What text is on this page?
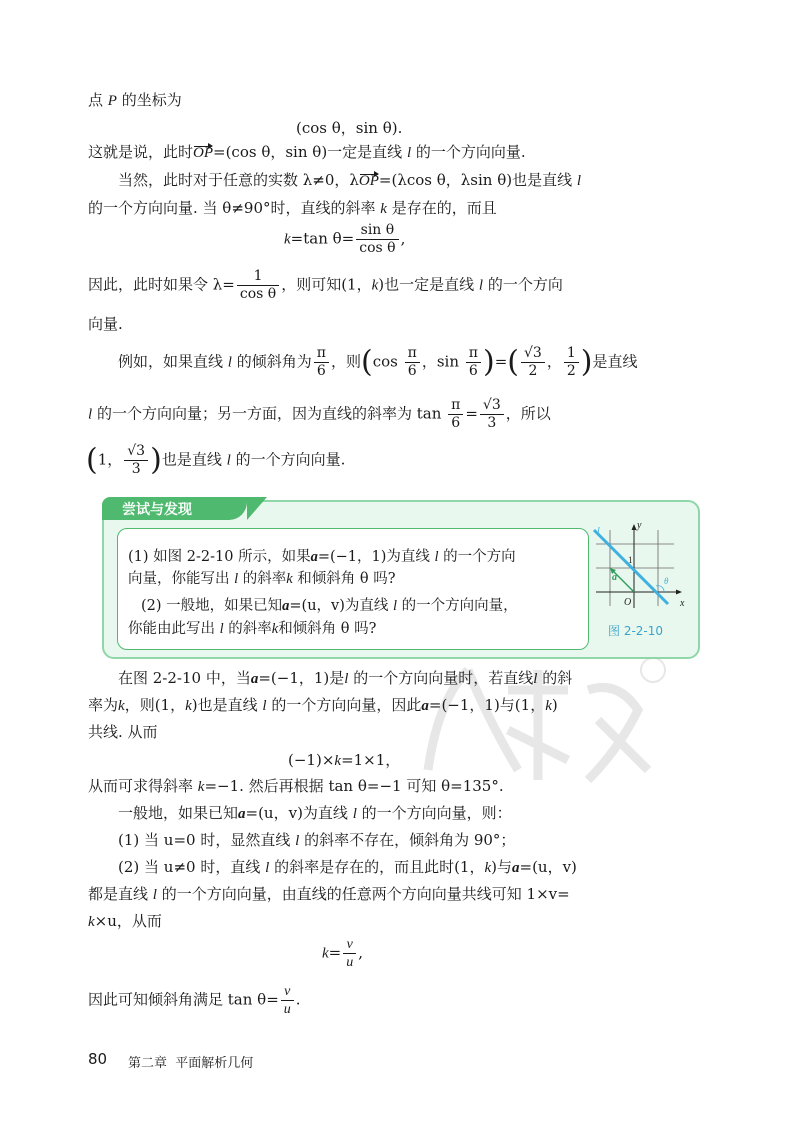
点 P 的坐标为
(cos θ，sin θ).
这就是说，此时OP=(cos θ，sin θ)一定是直线 l 的一个方向向量.
当然，此时对于任意的实数 λ≠0，λOP=(λcos θ，λsin θ)也是直线 l
的一个方向向量. 当 θ≠90°时，直线的斜率 k 是存在的，而且
k=tan $\theta= \frac{\text{sin θ}}{\text{cos θ}}$ ,
因此，此时如果令 $\lambda= \frac{1}{\text{cos θ}}$ ，则可知(1，k)也一定是直线 l 的一个方向
向量.
例如，如果直线 l 的倾斜角为 $\frac{\pi}{6}$ ，则($\cos \frac{\pi}{6}$ ，$\sin \frac{\pi}{6}$ )=( $\frac{√3}{2}$ ， $\frac{1}{2}$ )是直线
l 的一个方向向量；另一方面，因为直线的斜率为 $\tan \frac{\pi}{6} = \frac{√3}{3}$ ，所以
(1， $\frac{√3}{3}$ )也是直线 l 的一个方向向量.
尝试与发现
(1) 如图 2-2-10 所示，如果a=(−1，1)为直线 l 的一个方向
向量，你能写出 l 的斜率k 和倾斜角 θ 吗?
(2) 一般地，如果已知a=(u，v)为直线 l 的一个方向向量，
你能由此写出 l 的斜率k和倾斜角 θ 吗?
y
x
O
1
l
a	θ
图 2-2-10
在图 2-2-10 中，当a=(−1，1)是l 的一个方向向量时，若直线l 的斜
率为k，则(1，k)也是直线 l 的一个方向向量，因此a=(−1，1)与(1，k)
共线. 从而
(−1)×k=1×1，
从而可求得斜率 k=−1. 然后再根据 tan θ=−1 可知 θ=135°.
一般地，如果已知a=(u，v)为直线 l 的一个方向向量，则：
(1) 当 u=0 时，显然直线 l 的斜率不存在，倾斜角为 90°；
(2) 当 u≠0 时，直线 l 的斜率是存在的，而且此时(1，k)与a=(u，v)
都是直线 l 的一个方向向量，由直线的任意两个方向向量共线可知 1×v=
k×u，从而
$k= \frac{v}{u}$ ,
因此可知倾斜角满足 $\tan \theta= \frac{v}{u}$ .
80 第二章 平面解析几何
